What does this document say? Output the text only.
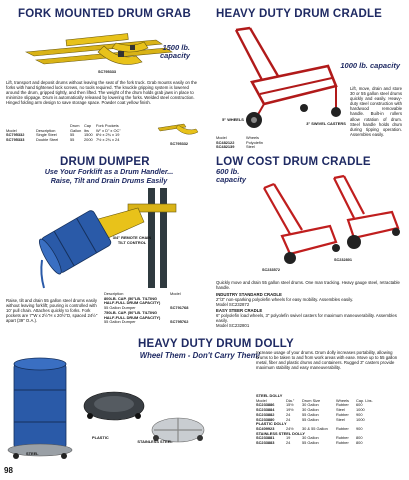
FORK MOUNTED DRUM GRAB
1500 lb. capacity
SC795333
Lift, transport and deposit drums without leaving the seat of the fork truck. Grab mounts easily on the forks with hand tightened lock screws, no tools required. The knuckle gripping system is lowered around the drum, gripped tightly, and then lifted. The weight of the drum holds grab jaws in place to minimize slippage. Drum is automatically released by lowering the forks. Welded steel construction. Hinged folding arm design to save storage space. Powder coat yellow finish.
		Drum	Cap	Fork Pockets
Model	Description	Gallon	lbs	W" x D" x OC"
SC795332	Single Steel	55	1500	6½ x 2¾ x 19
SC795333	Double Steel	55	2000	7½ x 2¾ x 24
SC795332
HEAVY DUTY DRUM CRADLE
1000 lb. capacity
5" WHEELS
3" SWIVEL CASTERS
Lift, move, drain and store 30 or 55 gallon steel drums quickly and easily. Heavy-duty steel construction with hardwood removable handle. Built-in rollers allow rotation of drum. Steel handle holds drum during tipping operation. Assembles easily.
Model	Wheels
SC482122	Polyolefin
SC482139	Steel
DRUM DUMPER
Use Your Forklift as a Drum Handler... Raise, Tilt and Drain Drums Easily
3/4" REMOTE CHAIN TILT CONTROL
Raise, tilt and drain 55 gallon steel drums easily without leaving forklift; pouring is controlled with 10' pull chain. Attaches quickly to forks. Fork pockets are 7"W x 2½"H x 20½"D, spaced 24½" apart (39" O.A.).
Description	Model
800LB. CAP. (50°LB. TILTING	
HALF-FULL DRUM CAPACITY)	
55 Gallon Dumper	SC791768
750LB. CAP. (50°LB. TILTING	
HALF-FULL DRUM CAPACITY)	
55 Gallon Dumper	SC795762
LOW COST DRUM CRADLE
600 lb. capacity
SC233572
SC232801
Quickly move and drain 55 gallon steel drums. One man tracking. Heavy gauge steel, retractable handle.
INDUSTRY STANDARD CRADLE
2"/3" non-sparking polyolefin wheels for easy mobility. Assembles easily.
Model SC232872
EASY STEER CRADLE
6" polyolefin load wheels, 3" polyolefin swivel casters for maximum maneuverability. Assembles easily.
Model SC232801
HEAVY DUTY DRUM DOLLY
Wheel Them - Don't Carry Them!
PLASTIC
STAINLESS STEEL
STEEL
Increase usage of your drums. Drum dolly increases portability, allowing drums to be taken to and from work areas with ease. Move up to 55 gallon metal, fiber and plastic drums and containers. Rugged 3" casters provide maximum stability and easy maneuverability.
STEEL DOLLY				
Model	Dia."	Drum Size	Wheels	Cap. Lbs.
SC233886	15½	30 Gallon	Rubber	600
SC233884	19½	30 Gallon	Steel	1000
SC233882	24	55 Gallon	Rubber	900
SC233880	24	55 Gallon	Steel	1000
PLASTIC DOLLY				
SC409923	24½	30 & 55 Gallon	Rubber	900
STAINLESS STEEL DOLLY				
SC233881	19	30 Gallon	Rubber	800
SC233883	24	55 Gallon	Rubber	800
98
